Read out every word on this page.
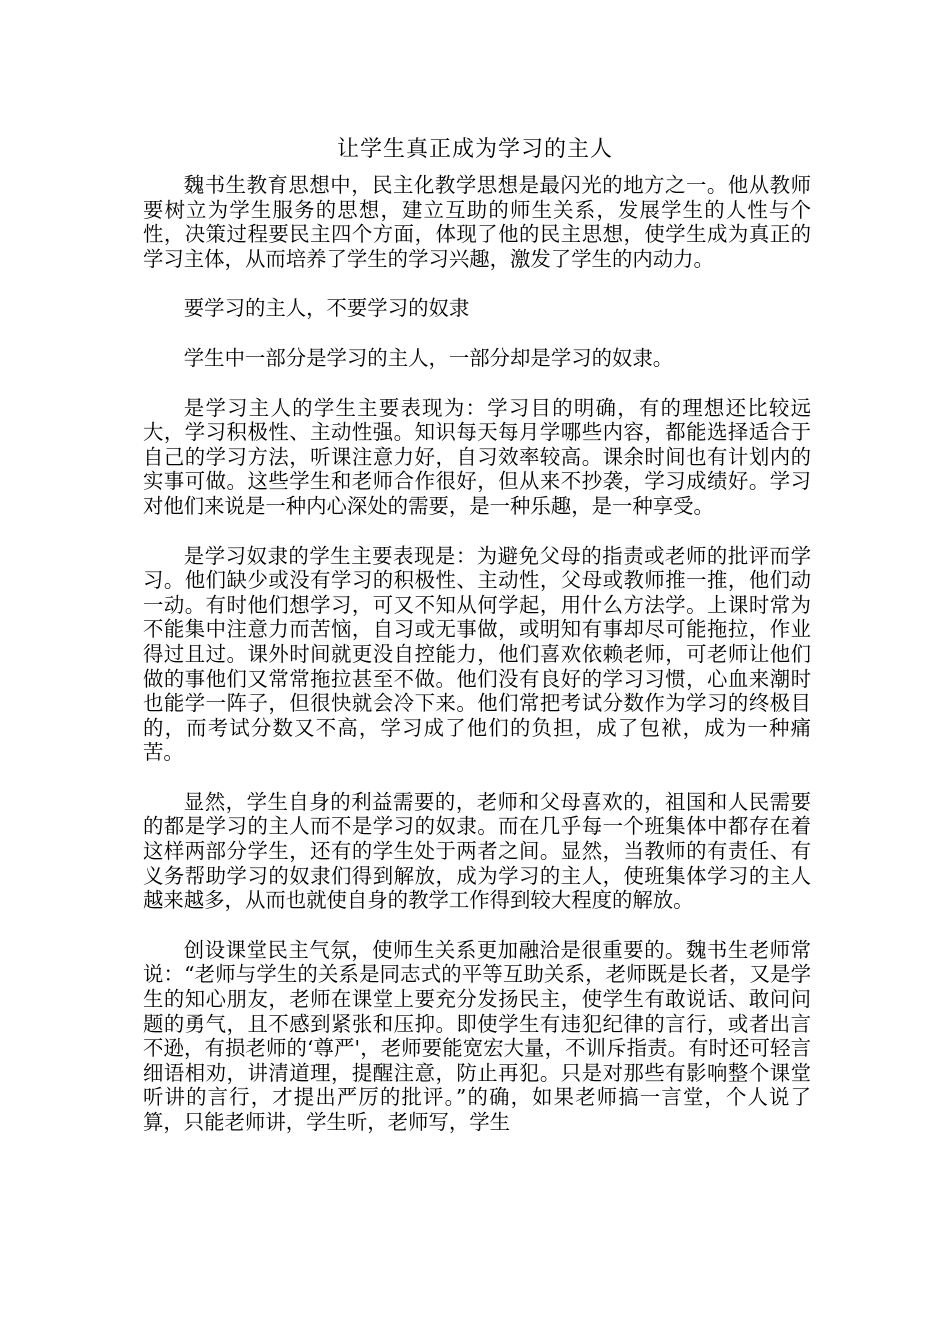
让学生真正成为学习的主人

魏书生教育思想中，民主化教学思想是最闪光的地方之一。他从教师要树立为学生服务的思想，建立互助的师生关系，发展学生的人性与个性，决策过程要民主四个方面，体现了他的民主思想，使学生成为真正的学习主体，从而培养了学生的学习兴趣，激发了学生的内动力。

要学习的主人，不要学习的奴隶

学生中一部分是学习的主人，一部分却是学习的奴隶。

是学习主人的学生主要表现为：学习目的明确，有的理想还比较远大，学习积极性、主动性强。知识每天每月学哪些内容，都能选择适合于自己的学习方法，听课注意力好，自习效率较高。课余时间也有计划内的实事可做。这些学生和老师合作很好，但从来不抄袭，学习成绩好。学习对他们来说是一种内心深处的需要，是一种乐趣，是一种享受。

是学习奴隶的学生主要表现是：为避免父母的指责或老师的批评而学习。他们缺少或没有学习的积极性、主动性，父母或教师推一推，他们动一动。有时他们想学习，可又不知从何学起，用什么方法学。上课时常为不能集中注意力而苦恼，自习或无事做，或明知有事却尽可能拖拉，作业得过且过。课外时间就更没自控能力，他们喜欢依赖老师，可老师让他们做的事他们又常常拖拉甚至不做。他们没有良好的学习习惯，心血来潮时也能学一阵子，但很快就会冷下来。他们常把考试分数作为学习的终极目的，而考试分数又不高，学习成了他们的负担，成了包袱，成为一种痛苦。

显然，学生自身的利益需要的，老师和父母喜欢的，祖国和人民需要的都是学习的主人而不是学习的奴隶。而在几乎每一个班集体中都存在着这样两部分学生，还有的学生处于两者之间。显然，当教师的有责任、有义务帮助学习的奴隶们得到解放，成为学习的主人，使班集体学习的主人越来越多，从而也就使自身的教学工作得到较大程度的解放。

创设课堂民主气氛，使师生关系更加融洽是很重要的。魏书生老师常说：“老师与学生的关系是同志式的平等互助关系，老师既是长者，又是学生的知心朋友，老师在课堂上要充分发扬民主，使学生有敢说话、敢问问题的勇气，且不感到紧张和压抑。即使学生有违犯纪律的言行，或者出言不逊，有损老师的‘尊严'，老师要能宽宏大量，不训斥指责。有时还可轻言细语相劝，讲清道理，提醒注意，防止再犯。只是对那些有影响整个课堂听讲的言行，才提出严厉的批评。”的确，如果老师搞一言堂，个人说了算，只能老师讲，学生听，老师写，学生
